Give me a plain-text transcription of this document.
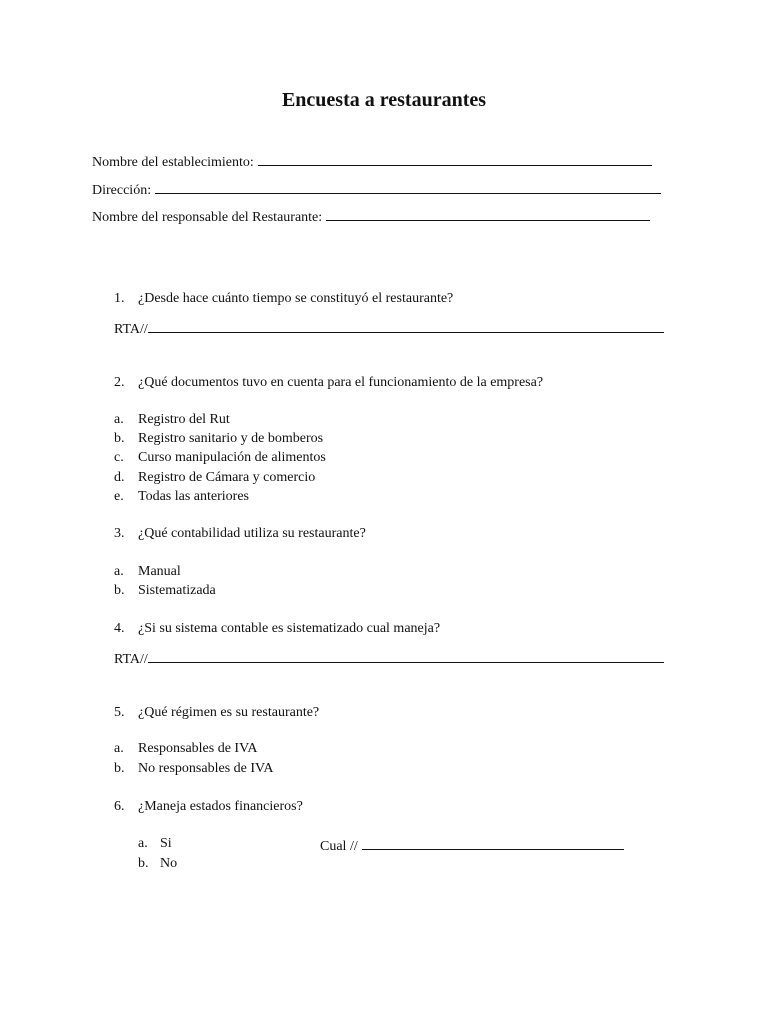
Encuesta a restaurantes
Nombre del establecimiento:
Dirección:
Nombre del responsable del Restaurante:
1. ¿Desde hace cuánto tiempo se constituyó el restaurante?
RTA//
2. ¿Qué documentos tuvo en cuenta para el funcionamiento de la empresa?
a. Registro del Rut
b. Registro sanitario y de bomberos
c. Curso manipulación de alimentos
d. Registro de Cámara y comercio
e. Todas las anteriores
3. ¿Qué contabilidad utiliza su restaurante?
a. Manual
b. Sistematizada
4. ¿Si su sistema contable es sistematizado cual maneja?
RTA//
5. ¿Qué régimen es su restaurante?
a. Responsables de IVA
b. No responsables de IVA
6. ¿Maneja estados financieros?
a. Si	Cual //
b. No
